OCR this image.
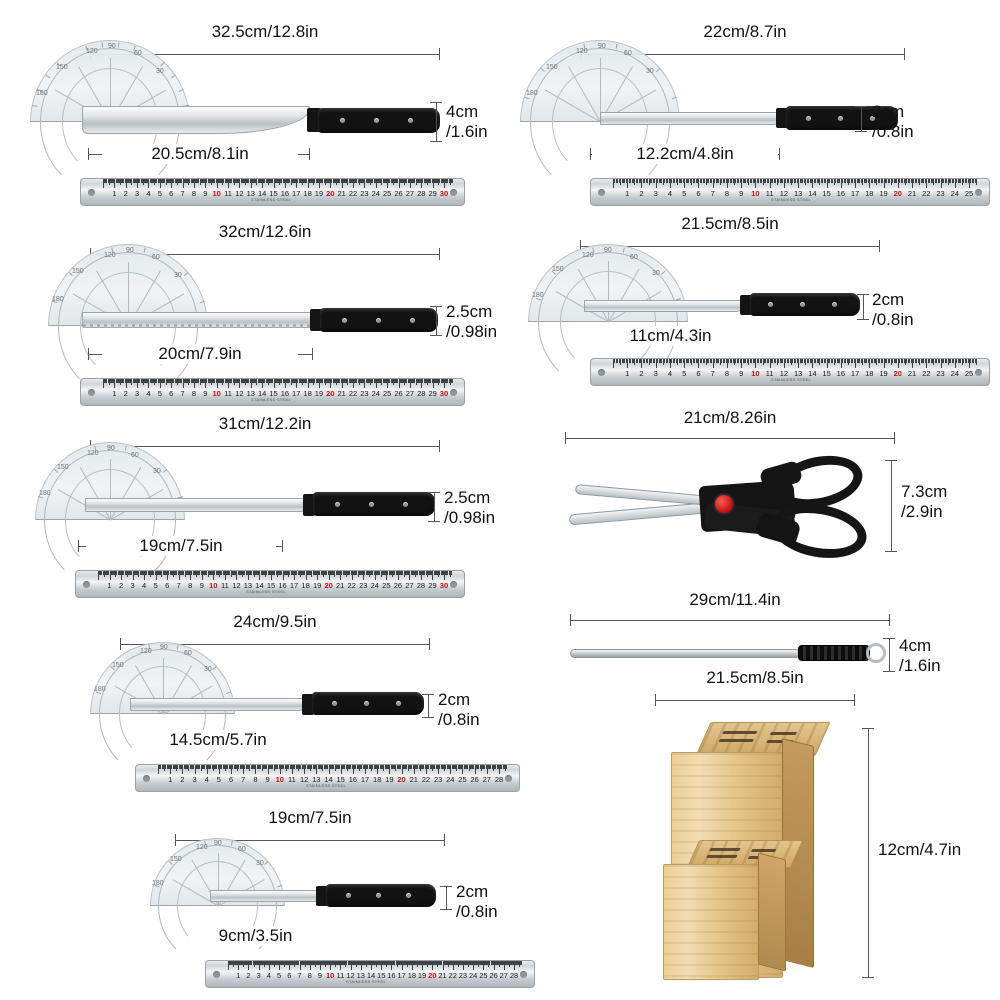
32.5cm/12.8in
180
150
120
90
60
30
4cm
/1.6in
20.5cm/8.1in
STAINLESS STEEL
1 2 3 4 5 6 7 8 9 10 11 12 13 14 15 16 17 18 19 20 21 22 23 24 25 26 27 28 29 30
22cm/8.7in
180
150
120
90
60
30
2cm
/0.8in
12.2cm/4.8in
STAINLESS STEEL
1 2 3 4 5 6 7 8 9 10 11 12 13 14 15 16 17 18 19 20 21 22 23 24 25
32cm/12.6in
180
150
120
90
60
30
2.5cm
/0.98in
20cm/7.9in
STAINLESS STEEL
1 2 3 4 5 6 7 8 9 10 11 12 13 14 15 16 17 18 19 20 21 22 23 24 25 26 27 28 29 30
21.5cm/8.5in
180
150
120
90
60
30
2cm
/0.8in
11cm/4.3in
STAINLESS STEEL
1 2 3 4 5 6 7 8 9 10 11 12 13 14 15 16 17 18 19 20 21 22 23 24 25
31cm/12.2in
180
150
120
90
60
30
2.5cm
/0.98in
19cm/7.5in
STAINLESS STEEL
1 2 3 4 5 6 7 8 9 10 11 12 13 14 15 16 17 18 19 20 21 22 23 24 25 26 27 28 29 30
21cm/8.26in
7.3cm
/2.9in
24cm/9.5in
180
150
120
90
60
30
2cm
/0.8in
14.5cm/5.7in
STAINLESS STEEL
1 2 3 4 5 6 7 8 9 10 11 12 13 14 15 16 17 18 19 20 21 22 23 24 25 26 27 28
29cm/11.4in
4cm
/1.6in
19cm/7.5in
180
150
120
90
60
30
2cm
/0.8in
9cm/3.5in
STAINLESS STEEL
1 2 3 4 5 6 7 8 9 10 11 12 13 14 15 16 17 18 19 20 21 22 23 24 25 26 27 28
21.5cm/8.5in
12cm/4.7in
